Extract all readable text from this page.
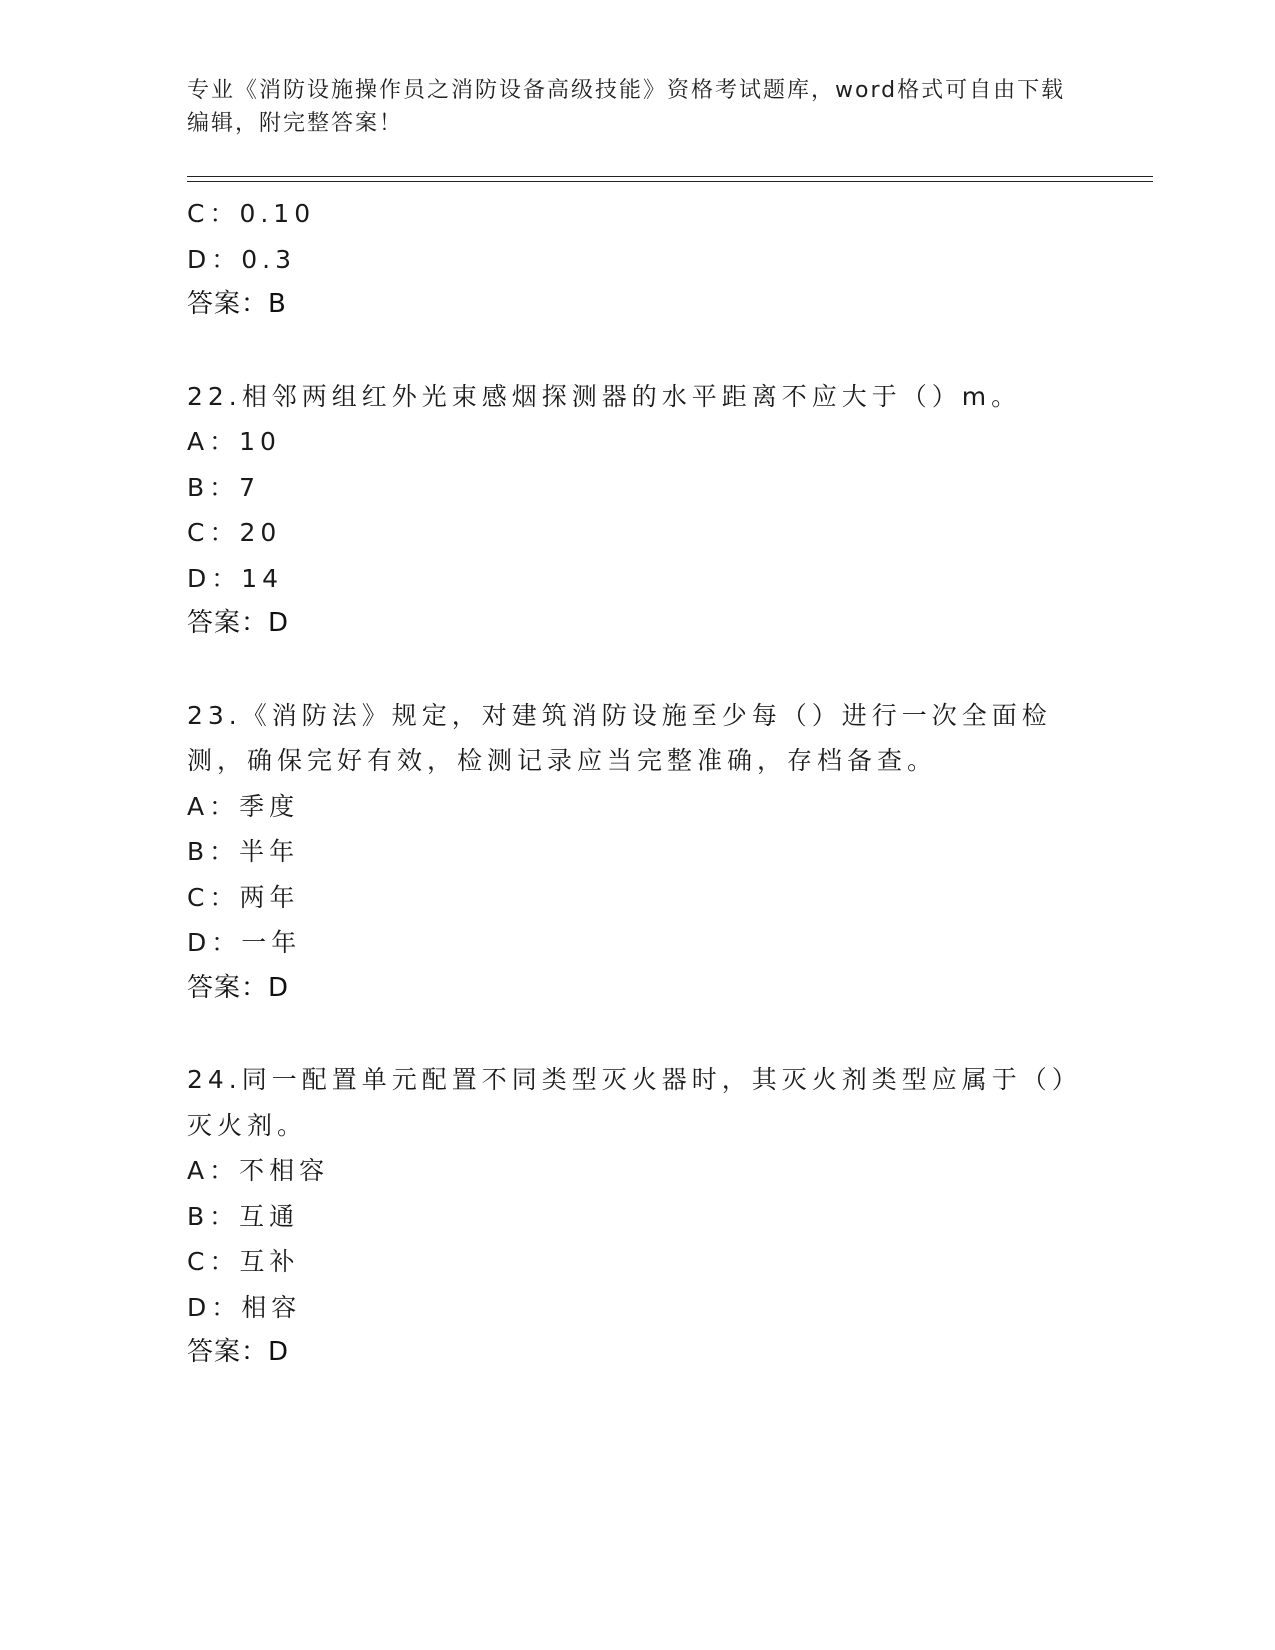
专业《消防设施操作员之消防设备高级技能》资格考试题库，word格式可自由下载编辑，附完整答案！
C：0.10
D：0.3
答案：B
22.相邻两组红外光束感烟探测器的水平距离不应大于（）m。
A：10
B：7
C：20
D：14
答案：D
23.《消防法》规定，对建筑消防设施至少每（）进行一次全面检测，确保完好有效，检测记录应当完整准确，存档备查。
A：季度
B：半年
C：两年
D：一年
答案：D
24.同一配置单元配置不同类型灭火器时，其灭火剂类型应属于（）灭火剂。
A：不相容
B：互通
C：互补
D：相容
答案：D
